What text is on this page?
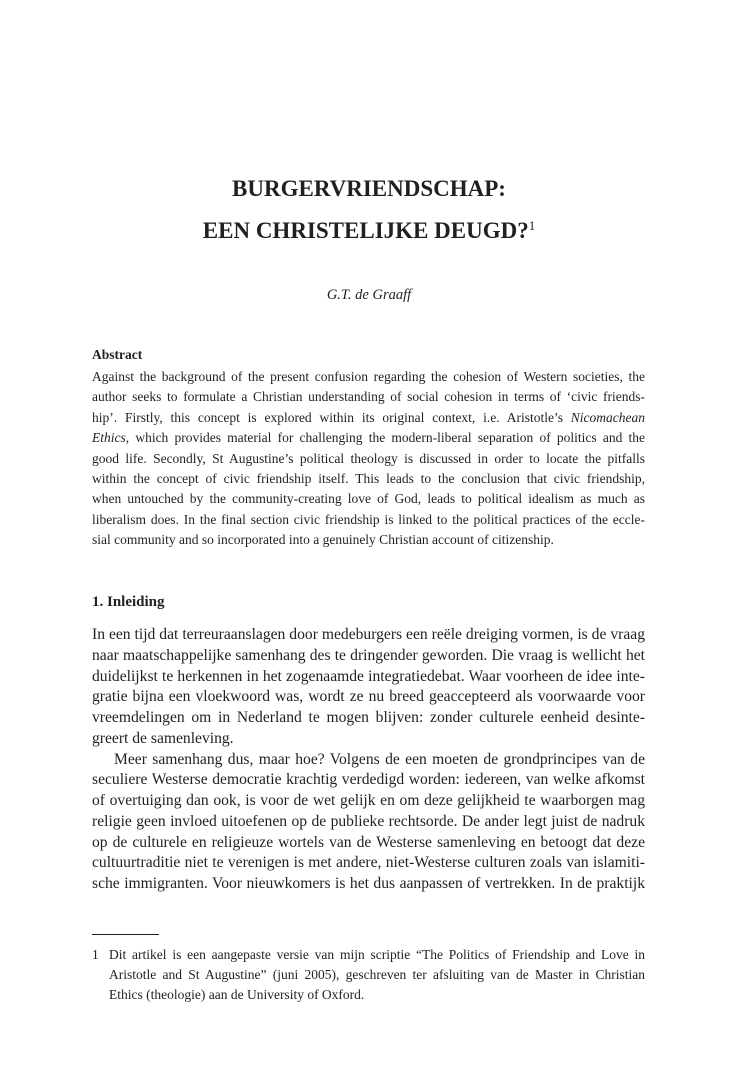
BURGERVRIENDSCHAP:
EEN CHRISTELIJKE DEUGD?$^1$
G.T. de Graaff
Abstract
Against the background of the present confusion regarding the cohesion of Western societies, the
author seeks to formulate a Christian understanding of social cohesion in terms of ‘civic friends-
hip’. Firstly, this concept is explored within its original context, i.e. Aristotle’s Nicomachean
Ethics, which provides material for challenging the modern-liberal separation of politics and the
good life. Secondly, St Augustine’s political theology is discussed in order to locate the pitfalls
within the concept of civic friendship itself. This leads to the conclusion that civic friendship,
when untouched by the community-creating love of God, leads to political idealism as much as
liberalism does. In the final section civic friendship is linked to the political practices of the eccle-
sial community and so incorporated into a genuinely Christian account of citizenship.
1. Inleiding
In een tijd dat terreuraanslagen door medeburgers een reële dreiging vormen, is de vraag
naar maatschappelijke samenhang des te dringender geworden. Die vraag is wellicht het
duidelijkst te herkennen in het zogenaamde integratiedebat. Waar voorheen de idee inte-
gratie bijna een vloekwoord was, wordt ze nu breed geaccepteerd als voorwaarde voor
vreemdelingen om in Nederland te mogen blijven: zonder culturele eenheid desinte-
greert de samenleving.
Meer samenhang dus, maar hoe? Volgens de een moeten de grondprincipes van de
seculiere Westerse democratie krachtig verdedigd worden: iedereen, van welke afkomst
of overtuiging dan ook, is voor de wet gelijk en om deze gelijkheid te waarborgen mag
religie geen invloed uitoefenen op de publieke rechtsorde. De ander legt juist de nadruk
op de culturele en religieuze wortels van de Westerse samenleving en betoogt dat deze
cultuurtraditie niet te verenigen is met andere, niet-Westerse culturen zoals van islamiti-
sche immigranten. Voor nieuwkomers is het dus aanpassen of vertrekken. In de praktijk
1 Dit artikel is een aangepaste versie van mijn scriptie “The Politics of Friendship and Love in
Aristotle and St Augustine” (juni 2005), geschreven ter afsluiting van de Master in Christian
Ethics (theologie) aan de University of Oxford.
